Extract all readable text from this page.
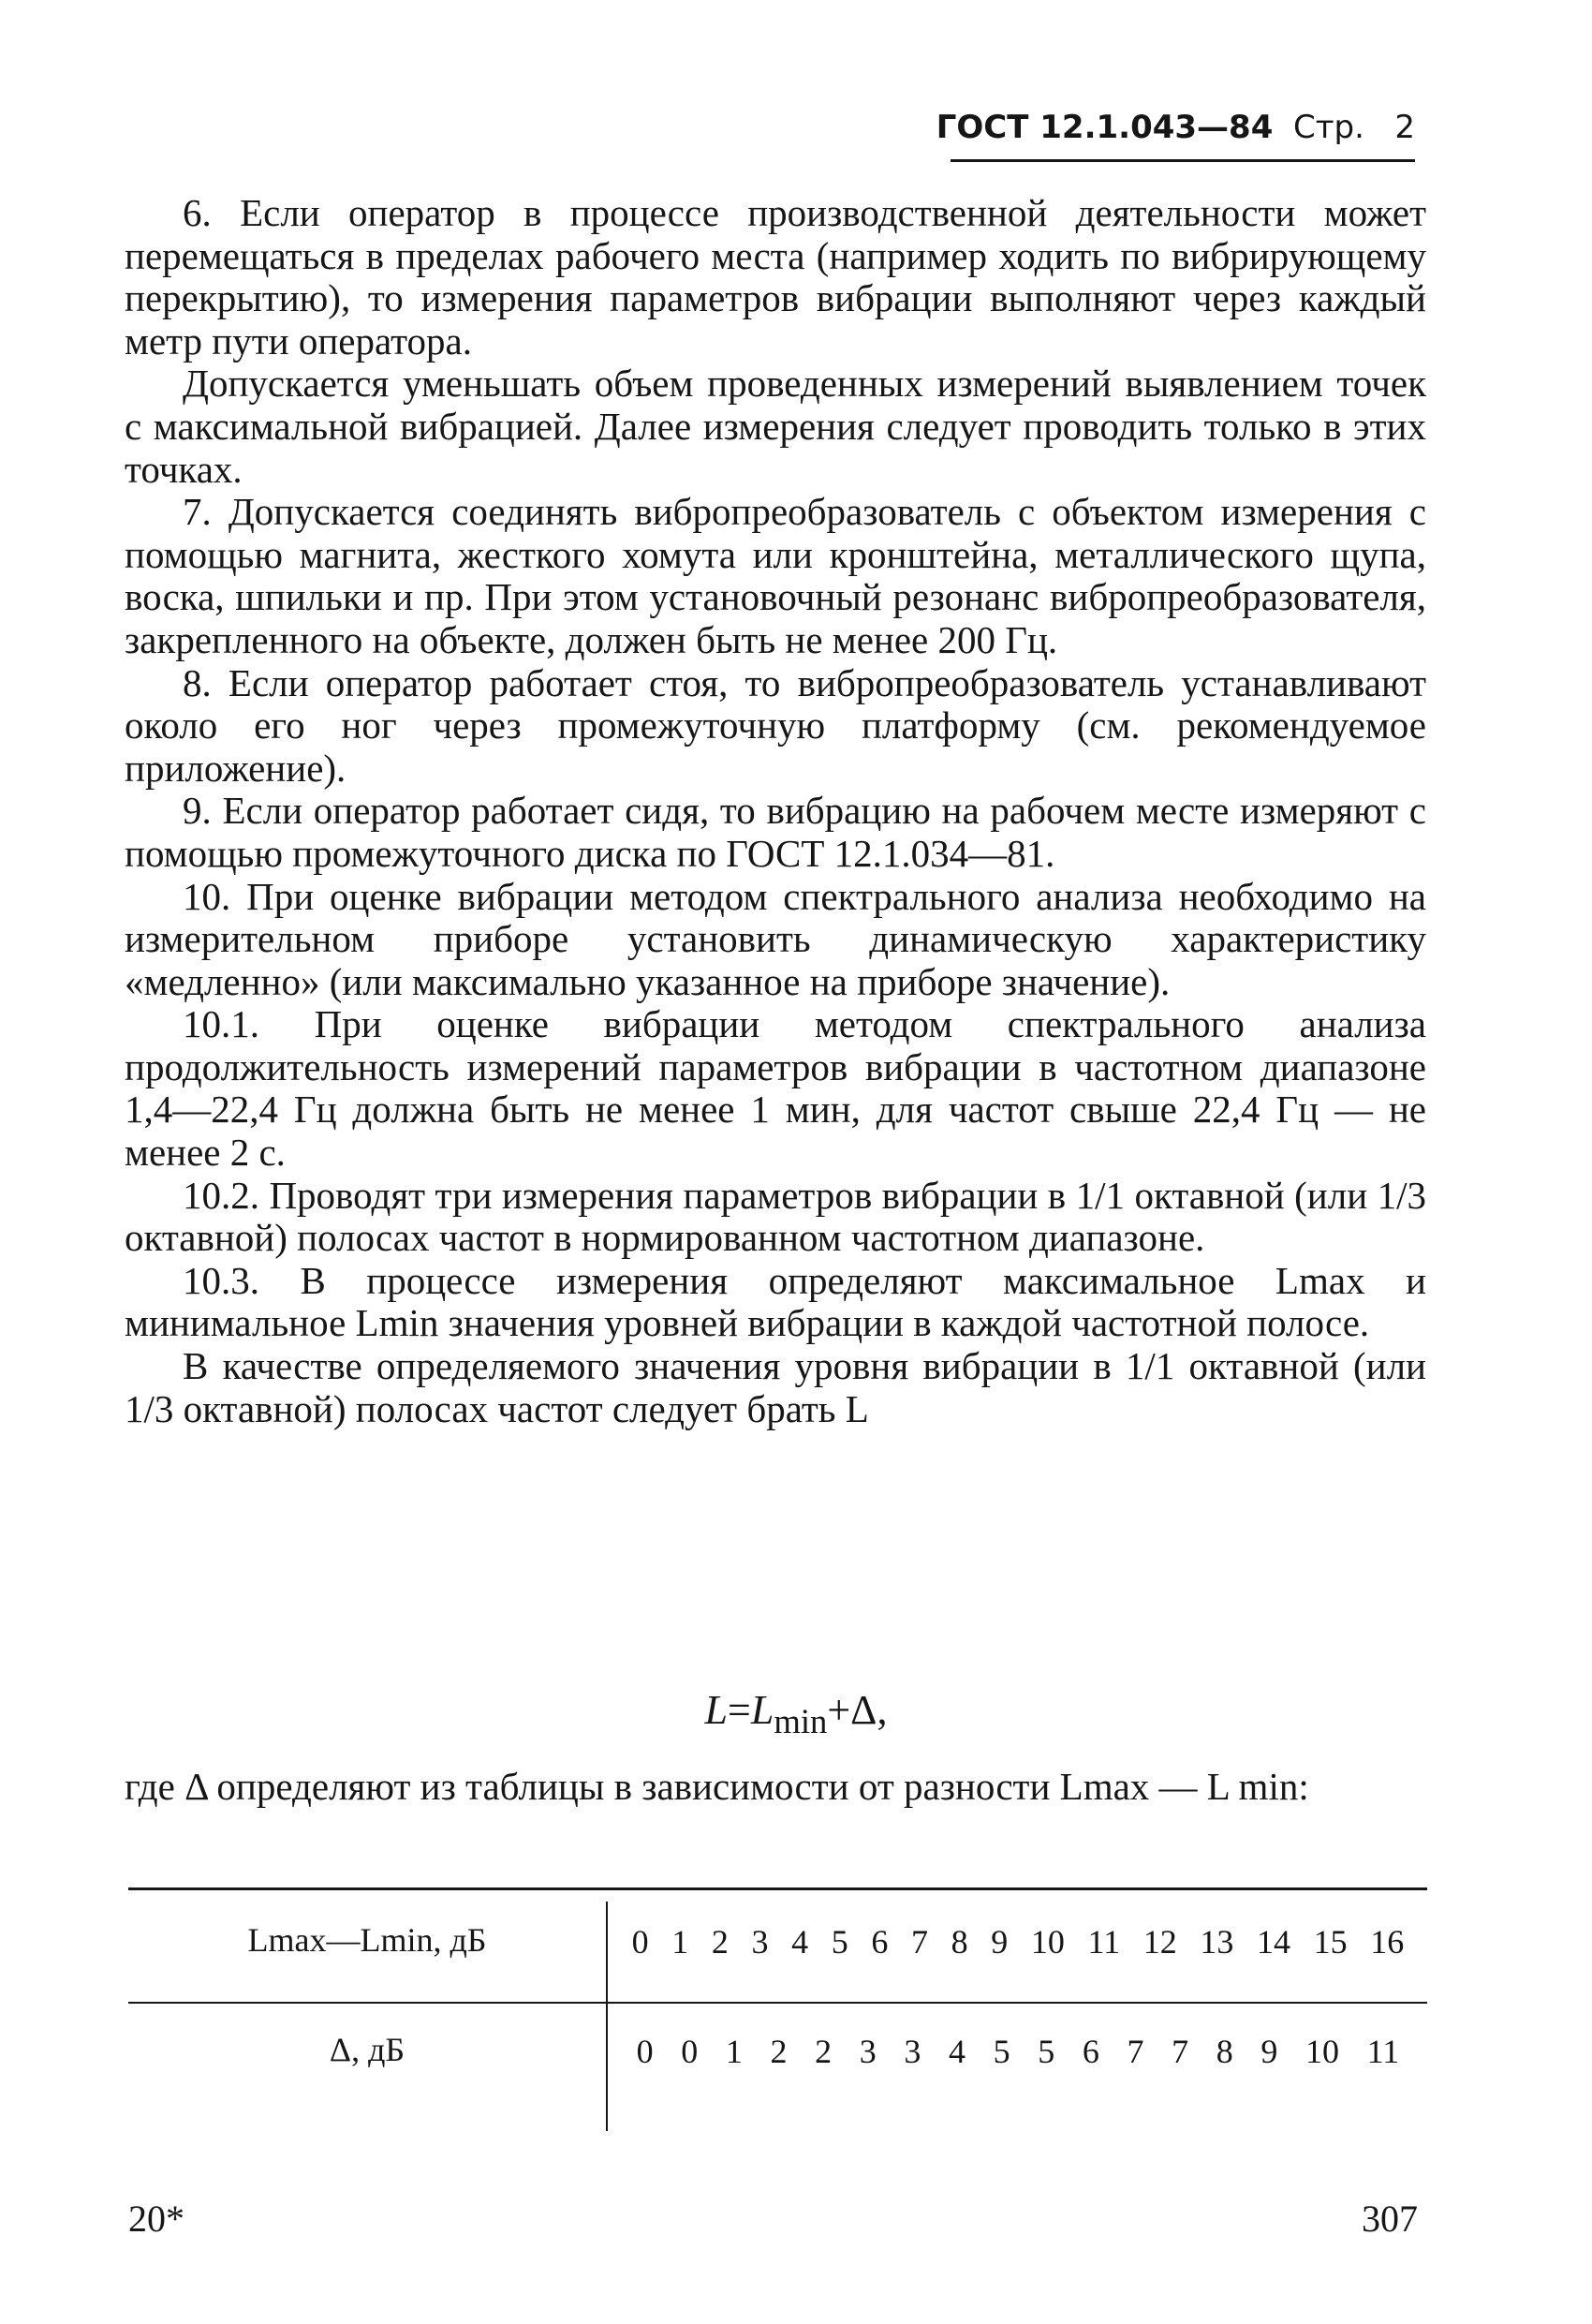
ГОСТ 12.1.043—84 Стр. 2

6. Если оператор в процессе производственной деятельности может перемещаться в пределах рабочего места (например ходить по вибрирующему перекрытию), то измерения параметров вибрации выполняют через каждый метр пути оператора.

Допускается уменьшать объем проведенных измерений выявлением точек с максимальной вибрацией. Далее измерения следует проводить только в этих точках.

7. Допускается соединять вибропреобразователь с объектом измерения с помощью магнита, жесткого хомута или кронштейна, металлического щупа, воска, шпильки и пр. При этом установочный резонанс вибропреобразователя, закрепленного на объекте, должен быть не менее 200 Гц.

8. Если оператор работает стоя, то вибропреобразователь устанавливают около его ног через промежуточную платформу (см. рекомендуемое приложение).

9. Если оператор работает сидя, то вибрацию на рабочем месте измеряют с помощью промежуточного диска по ГОСТ 12.1.034—81.

10. При оценке вибрации методом спектрального анализа необходимо на измерительном приборе установить динамическую характеристику «медленно» (или максимально указанное на приборе значение).

10.1. При оценке вибрации методом спектрального анализа продолжительность измерений параметров вибрации в частотном диапазоне 1,4—22,4 Гц должна быть не менее 1 мин, для частот свыше 22,4 Гц — не менее 2 с.

10.2. Проводят три измерения параметров вибрации в 1/1 октавной (или 1/3 октавной) полосах частот в нормированном частотном диапазоне.

10.3. В процессе измерения определяют максимальное Lmax и минимальное Lmin значения уровней вибрации в каждой частотной полосе.

В качестве определяемого значения уровня вибрации в 1/1 октавной (или 1/3 октавной) полосах частот следует брать L

$L=L_{min}+\Delta$,
где Δ определяют из таблицы в зависимости от разности Lmax — L min:
Lmax—Lmin, дБ	0 1 2 3 4 5 6 7 8 9 10 11 12 13 14 15 16
Δ, дБ	0 0 1 2 2 3 3 4 5 5 6 7 7 8 9 10 11
20*	307
